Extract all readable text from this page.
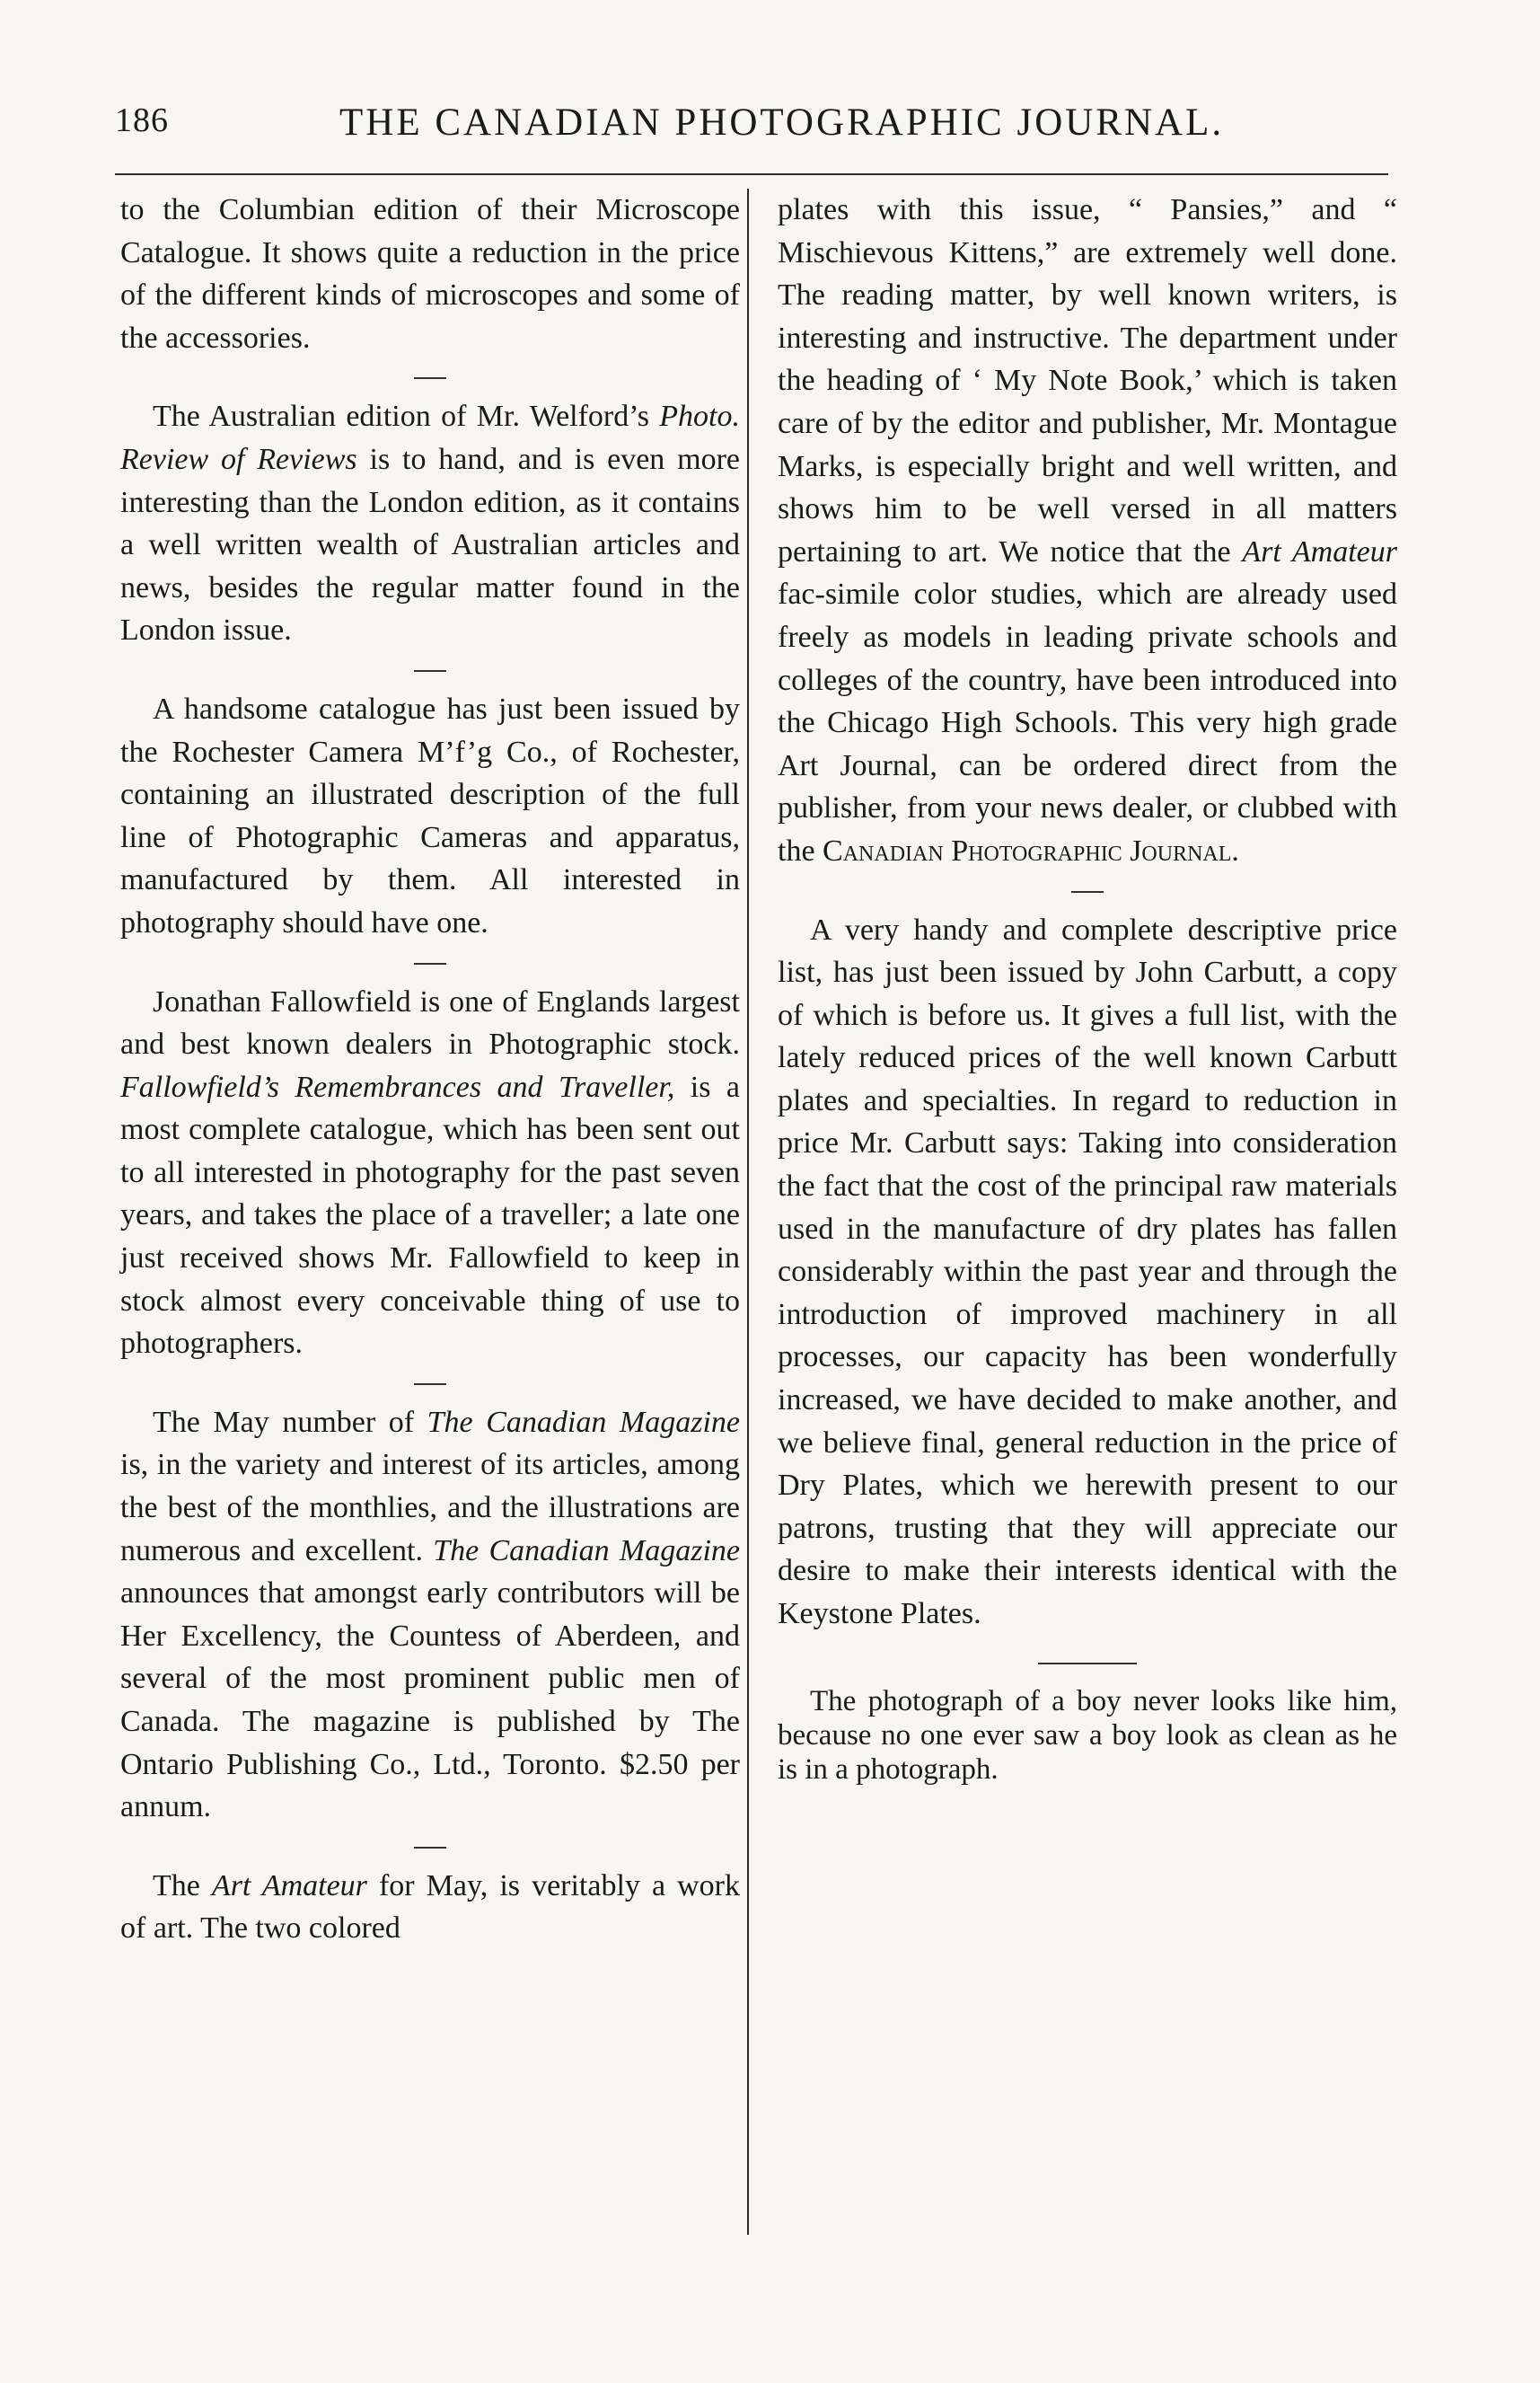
186	THE CANADIAN PHOTOGRAPHIC JOURNAL.

to the Columbian edition of their Microscope Catalogue. It shows quite a reduction in the price of the different kinds of microscopes and some of the accessories.

The Australian edition of Mr. Welford’s Photo. Review of Reviews is to hand, and is even more interesting than the London edition, as it contains a well written wealth of Australian articles and news, besides the regular matter found in the London issue.

A handsome catalogue has just been issued by the Rochester Camera M’f’g Co., of Rochester, containing an illustrated description of the full line of Photographic Cameras and apparatus, manufactured by them. All interested in photography should have one.

Jonathan Fallowfield is one of Englands largest and best known dealers in Photographic stock. Fallowfield’s Remembrances and Traveller, is a most complete catalogue, which has been sent out to all interested in photography for the past seven years, and takes the place of a traveller; a late one just received shows Mr. Fallowfield to keep in stock almost every conceivable thing of use to photographers.

The May number of The Canadian Magazine is, in the variety and interest of its articles, among the best of the monthlies, and the illustrations are numerous and excellent. The Canadian Magazine announces that amongst early contributors will be Her Excellency, the Countess of Aberdeen, and several of the most prominent public men of Canada. The magazine is published by The Ontario Publishing Co., Ltd., Toronto. $2.50 per annum.

The Art Amateur for May, is veritably a work of art. The two colored

plates with this issue, “ Pansies,” and “ Mischievous Kittens,” are extremely well done. The reading matter, by well known writers, is interesting and instructive. The department under the heading of ‘ My Note Book,’ which is taken care of by the editor and publisher, Mr. Montague Marks, is especially bright and well written, and shows him to be well versed in all matters pertaining to art. We notice that the Art Amateur fac-simile color studies, which are already used freely as models in leading private schools and colleges of the country, have been introduced into the Chicago High Schools. This very high grade Art Journal, can be ordered direct from the publisher, from your news dealer, or clubbed with the Canadian Photographic Journal.

A very handy and complete descriptive price list, has just been issued by John Carbutt, a copy of which is before us. It gives a full list, with the lately reduced prices of the well known Carbutt plates and specialties. In regard to reduction in price Mr. Carbutt says: Taking into consideration the fact that the cost of the principal raw materials used in the manufacture of dry plates has fallen considerably within the past year and through the introduction of improved machinery in all processes, our capacity has been wonderfully increased, we have decided to make another, and we believe final, general reduction in the price of Dry Plates, which we herewith present to our patrons, trusting that they will appreciate our desire to make their interests identical with the Keystone Plates.

The photograph of a boy never looks like him, because no one ever saw a boy look as clean as he is in a photograph.
